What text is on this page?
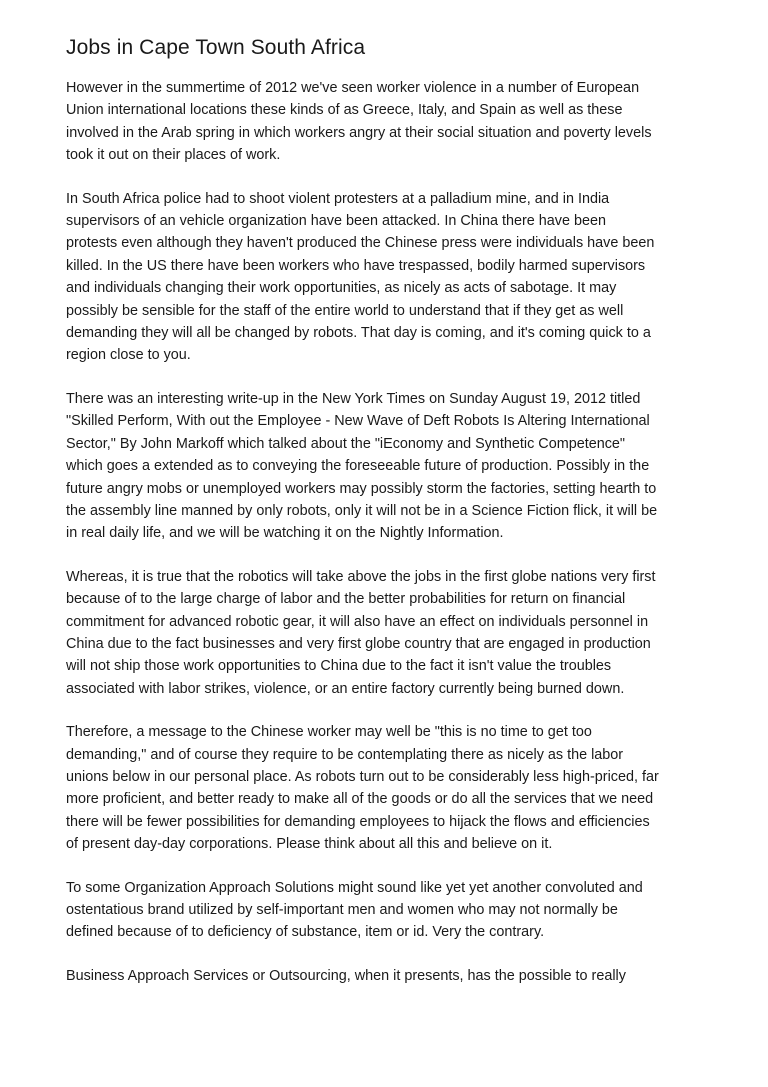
Jobs in Cape Town South Africa
However in the summertime of 2012 we've seen worker violence in a number of European
Union international locations these kinds of as Greece, Italy, and Spain as well as these
involved in the Arab spring in which workers angry at their social situation and poverty levels
took it out on their places of work.
In South Africa police had to shoot violent protesters at a palladium mine, and in India
supervisors of an vehicle organization have been attacked. In China there have been
protests even although they haven't produced the Chinese press were individuals have been
killed. In the US there have been workers who have trespassed, bodily harmed supervisors
and individuals changing their work opportunities, as nicely as acts of sabotage. It may
possibly be sensible for the staff of the entire world to understand that if they get as well
demanding they will all be changed by robots. That day is coming, and it's coming quick to a
region close to you.
There was an interesting write-up in the New York Times on Sunday August 19, 2012 titled
"Skilled Perform, With out the Employee - New Wave of Deft Robots Is Altering International
Sector," By John Markoff which talked about the "iEconomy and Synthetic Competence"
which goes a extended as to conveying the foreseeable future of production. Possibly in the
future angry mobs or unemployed workers may possibly storm the factories, setting hearth to
the assembly line manned by only robots, only it will not be in a Science Fiction flick, it will be
in real daily life, and we will be watching it on the Nightly Information.
Whereas, it is true that the robotics will take above the jobs in the first globe nations very first
because of to the large charge of labor and the better probabilities for return on financial
commitment for advanced robotic gear, it will also have an effect on individuals personnel in
China due to the fact businesses and very first globe country that are engaged in production
will not ship those work opportunities to China due to the fact it isn't value the troubles
associated with labor strikes, violence, or an entire factory currently being burned down.
Therefore, a message to the Chinese worker may well be "this is no time to get too
demanding," and of course they require to be contemplating there as nicely as the labor
unions below in our personal place. As robots turn out to be considerably less high-priced, far
more proficient, and better ready to make all of the goods or do all the services that we need
there will be fewer possibilities for demanding employees to hijack the flows and efficiencies
of present day-day corporations. Please think about all this and believe on it.
To some Organization Approach Solutions might sound like yet yet another convoluted and
ostentatious brand utilized by self-important men and women who may not normally be
defined because of to deficiency of substance, item or id. Very the contrary.
Business Approach Services or Outsourcing, when it presents, has the possible to really
